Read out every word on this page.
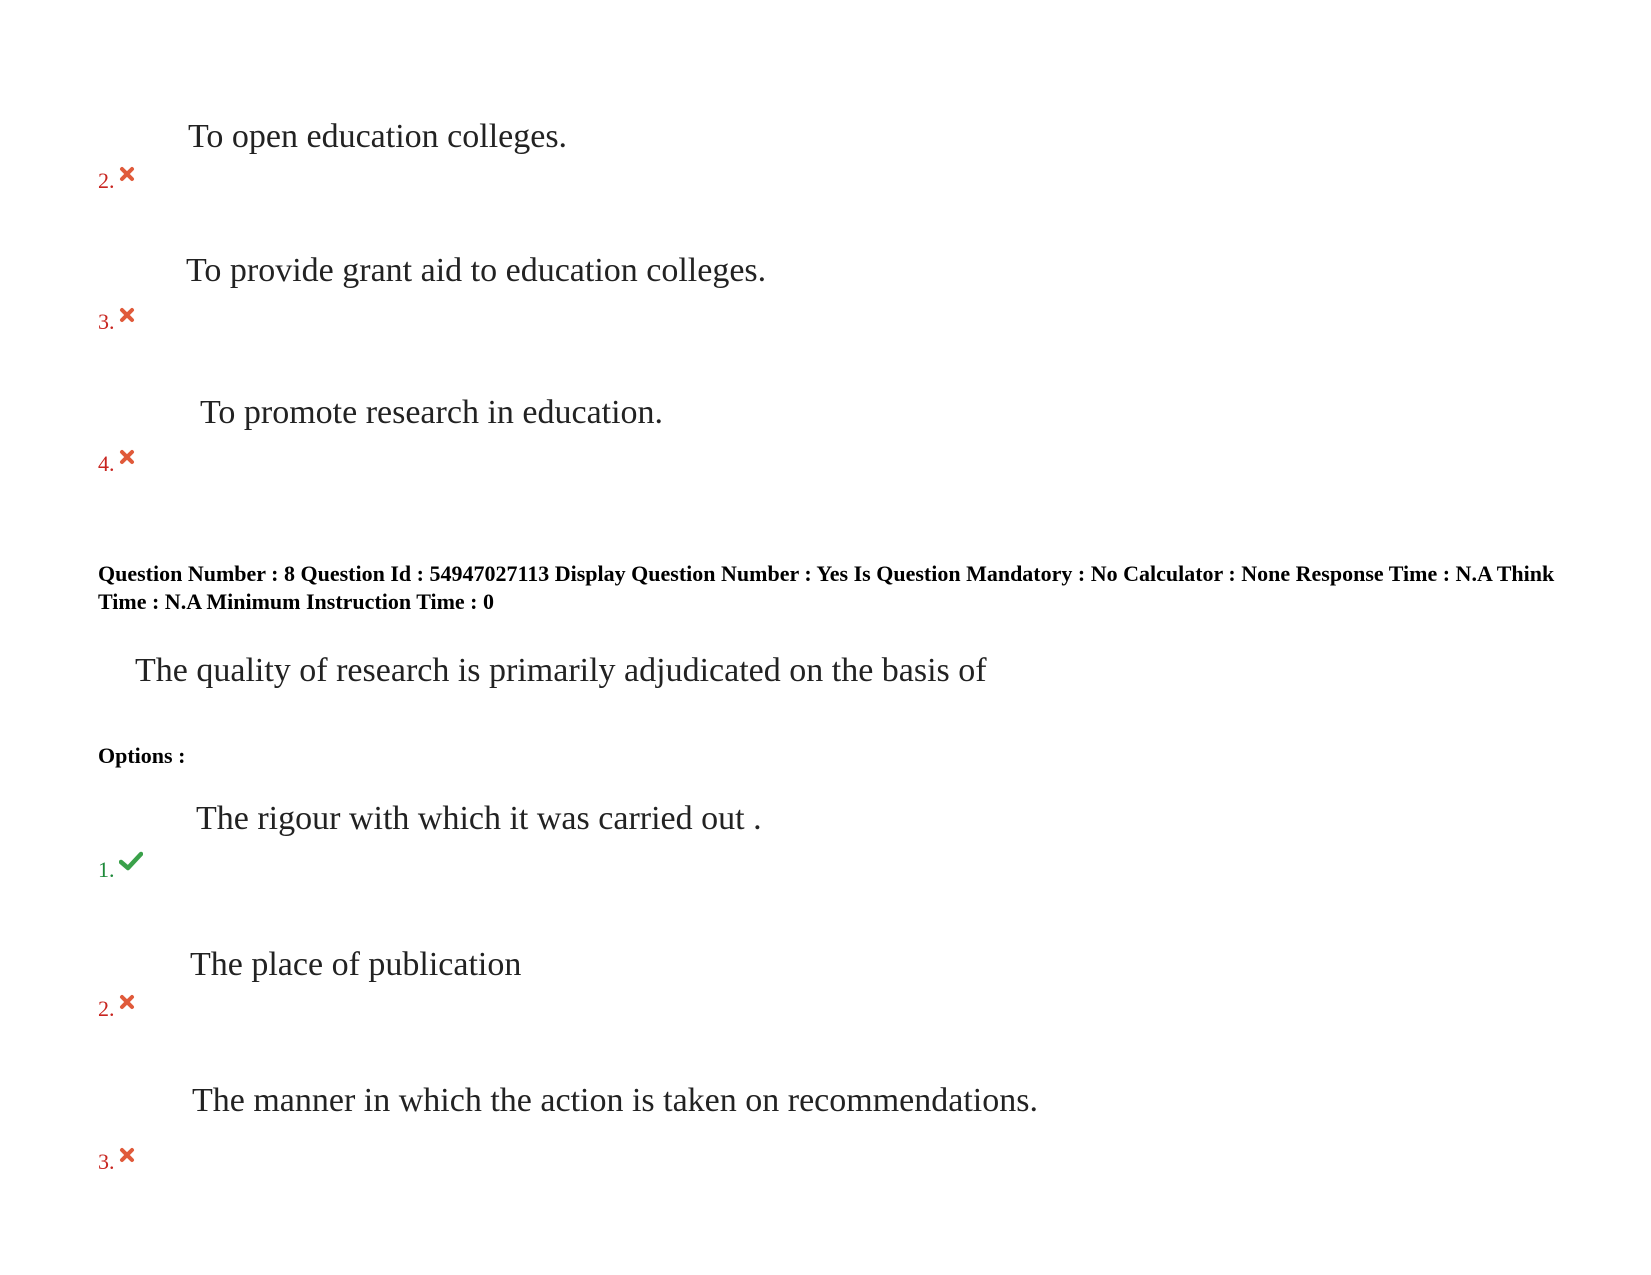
To open education colleges.
2.
To provide grant aid to education colleges.
3.
To promote research in education.
4.
Question Number : 8 Question Id : 54947027113 Display Question Number : Yes Is Question Mandatory : No Calculator : None Response Time : N.A Think Time : N.A Minimum Instruction Time : 0
The quality of research is primarily adjudicated on the basis of
Options :
The rigour with which it was carried out .
1.
The place of publication
2.
The manner in which the action is taken on recommendations.
3.
